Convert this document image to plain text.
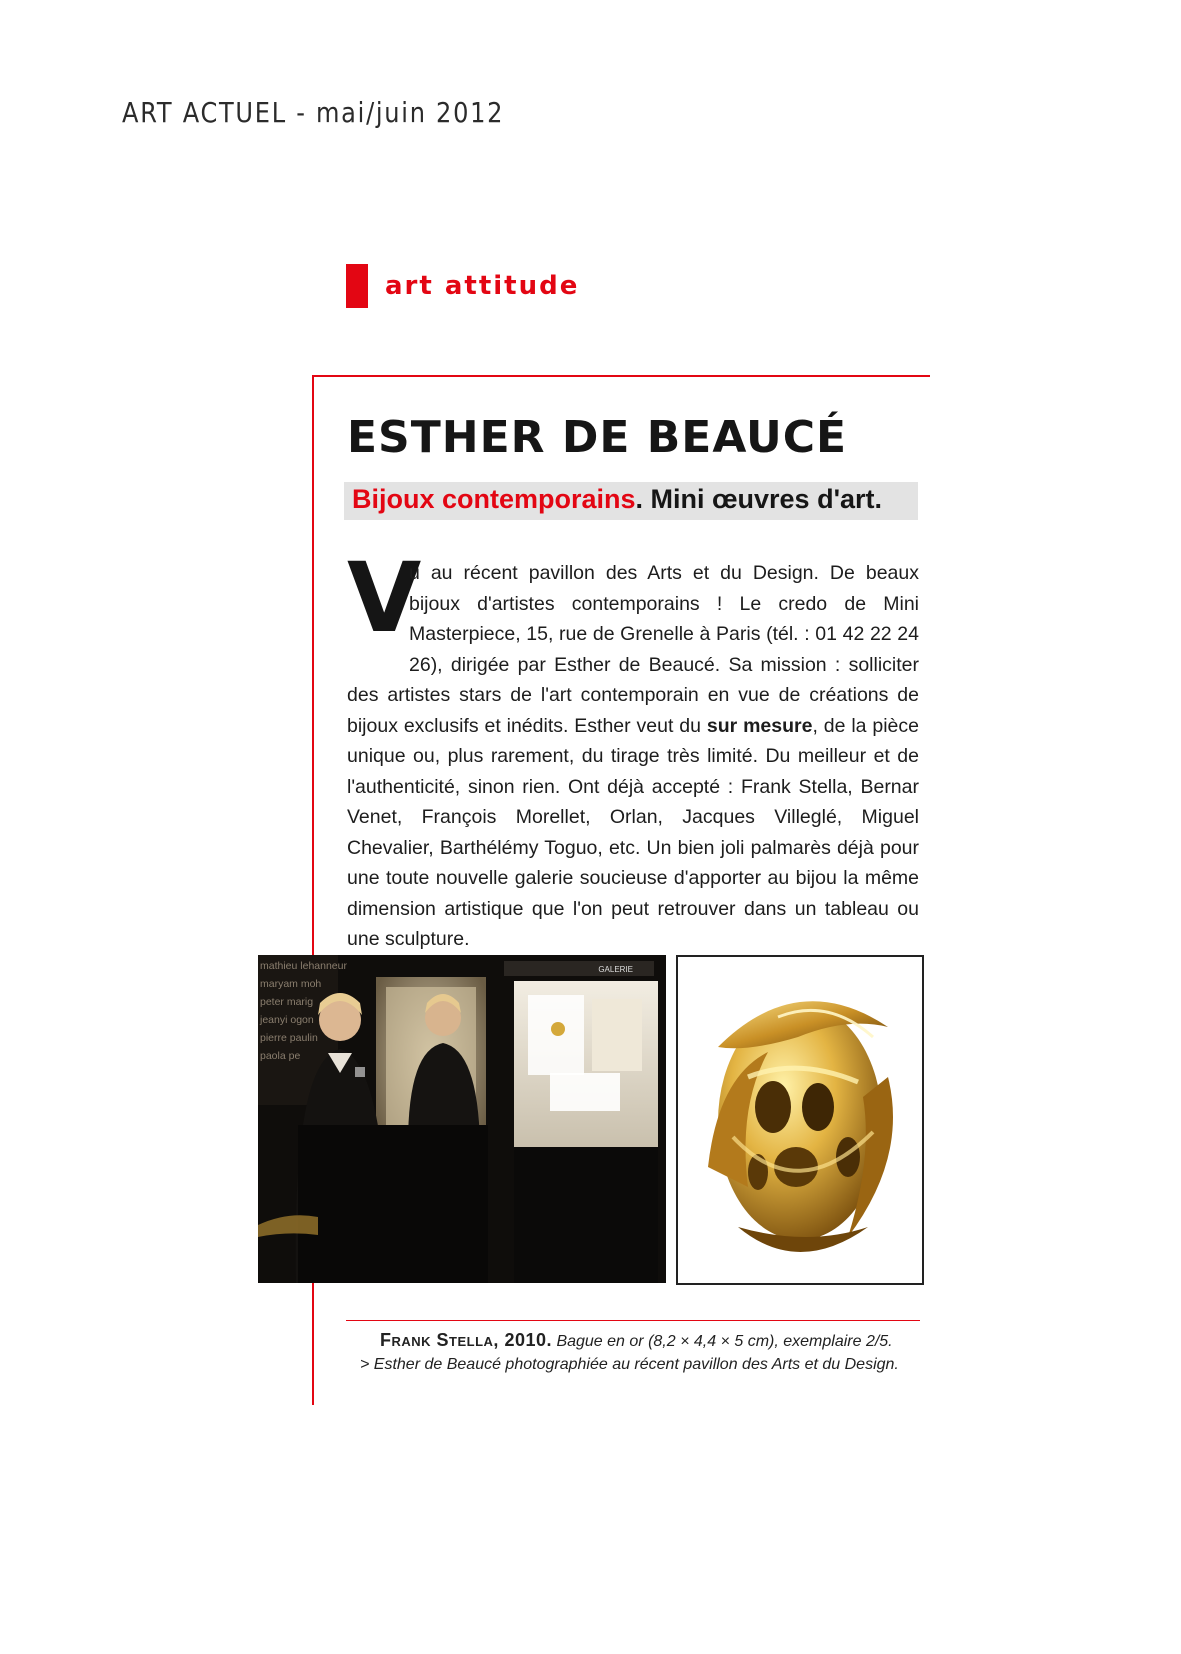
ART ACTUEL - mai/juin 2012
art attitude
ESTHER DE BEAUCÉ
Bijoux contemporains. Mini œuvres d'art.
V
u au récent pavillon des Arts et du Design. De beaux bijoux d'artistes contemporains ! Le credo de Mini Masterpiece, 15, rue de Grenelle à Paris (tél. : 01 42 22 24 26), dirigée par Esther de Beaucé. Sa mission : solliciter des artistes stars de l'art contemporain en vue de créations de bijoux exclusifs et inédits. Esther veut du sur mesure, de la pièce unique ou, plus rarement, du tirage très limité. Du meilleur et de l'authenticité, sinon rien. Ont déjà accepté : Frank Stella, Bernar Venet, François Morellet, Orlan, Jacques Villeglé, Miguel Chevalier, Barthélémy Toguo, etc. Un bien joli palmarès déjà pour une toute nouvelle galerie soucieuse d'apporter au bijou la même dimension artistique que l'on peut retrouver dans un tableau ou une sculpture.
GALERIE
mathieu lehanneur
maryam moh
peter marig
jeanyi ogon
pierre paulin
paola pe
Frank Stella, 2010. Bague en or (8,2 × 4,4 × 5 cm), exemplaire 2/5.
> Esther de Beaucé photographiée au récent pavillon des Arts et du Design.
